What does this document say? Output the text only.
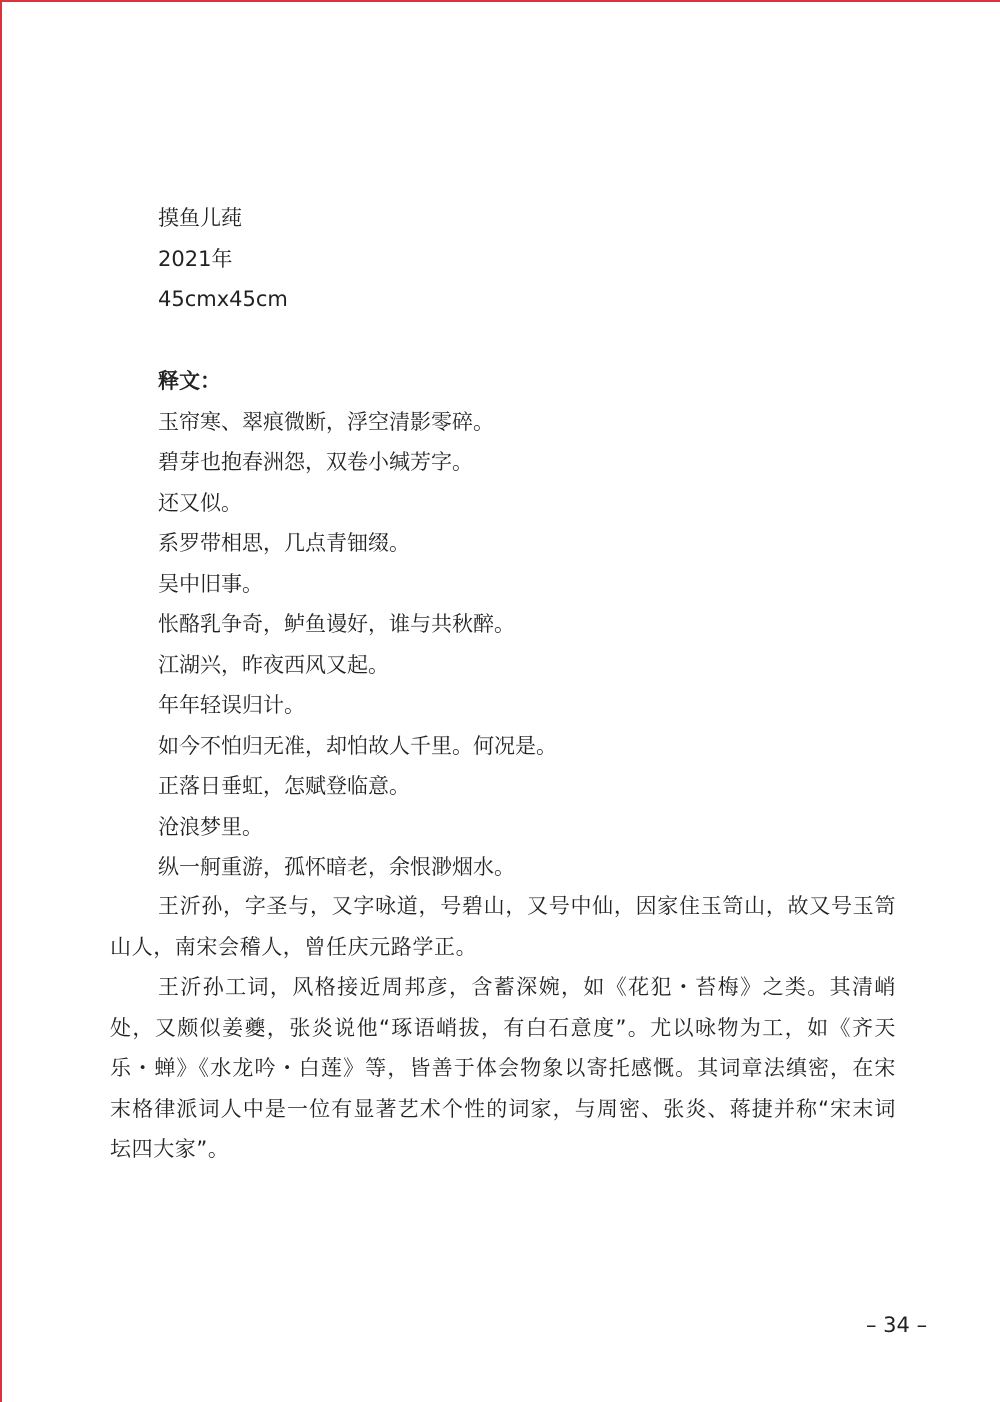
摸鱼儿莼
2021年
45cmx45cm
释文：
玉帘寒、翠痕微断，浮空清影零碎。
碧芽也抱春洲怨，双卷小缄芳字。
还又似。
系罗带相思，几点青钿缀。
吴中旧事。
怅酪乳争奇，鲈鱼谩好，谁与共秋醉。
江湖兴，昨夜西风又起。
年年轻误归计。
如今不怕归无准，却怕故人千里。何况是。
正落日垂虹，怎赋登临意。
沧浪梦里。
纵一舸重游，孤怀暗老，余恨渺烟水。

王沂孙，字圣与，又字咏道，号碧山，又号中仙，因家住玉笥山，故又号玉笥山人，南宋会稽人，曾任庆元路学正。

王沂孙工词，风格接近周邦彦，含蓄深婉，如《花犯・苔梅》之类。其清峭处，又颇似姜夔，张炎说他“琢语峭拔，有白石意度”。尤以咏物为工，如《齐天乐・蝉》《水龙吟・白莲》等，皆善于体会物象以寄托感慨。其词章法缜密，在宋末格律派词人中是一位有显著艺术个性的词家，与周密、张炎、蒋捷并称“宋末词坛四大家”。

– 34 –
